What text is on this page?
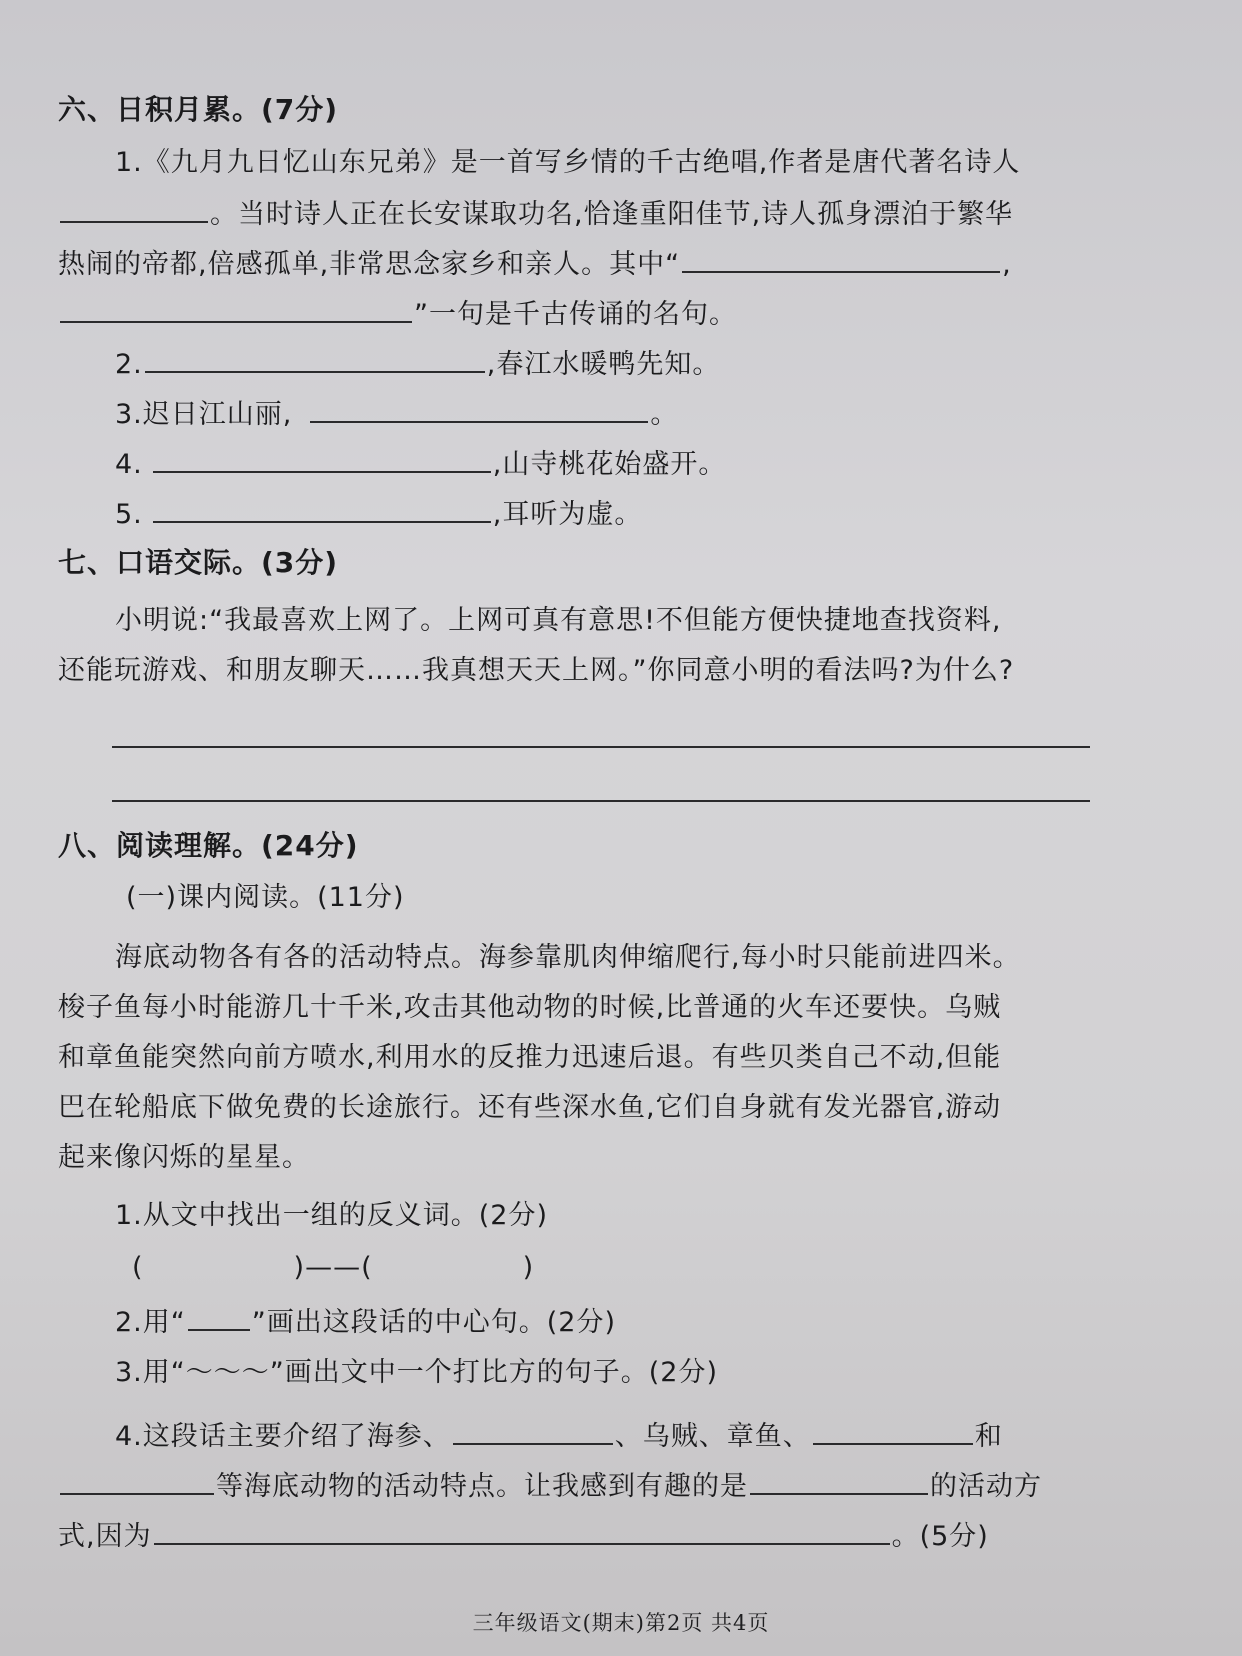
六、日积月累。(7分)
1.《九月九日忆山东兄弟》是一首写乡情的千古绝唱,作者是唐代著名诗人
。当时诗人正在长安谋取功名,恰逢重阳佳节,诗人孤身漂泊于繁华
热闹的帝都,倍感孤单,非常思念家乡和亲人。其中“	,
”一句是千古传诵的名句。
2.	,春江水暖鸭先知。
3.迟日江山丽,	。
4.	,山寺桃花始盛开。
5.	,耳听为虚。
七、口语交际。(3分)
小明说:“我最喜欢上网了。上网可真有意思!不但能方便快捷地查找资料,
还能玩游戏、和朋友聊天……我真想天天上网。”你同意小明的看法吗?为什么?
八、阅读理解。(24分)
(一)课内阅读。(11分)
海底动物各有各的活动特点。海参靠肌肉伸缩爬行,每小时只能前进四米。
梭子鱼每小时能游几十千米,攻击其他动物的时候,比普通的火车还要快。乌贼
和章鱼能突然向前方喷水,利用水的反推力迅速后退。有些贝类自己不动,但能
巴在轮船底下做免费的长途旅行。还有些深水鱼,它们自身就有发光器官,游动
起来像闪烁的星星。
1.从文中找出一组的反义词。(2分)
(	)——(	)
2.用“ ”画出这段话的中心句。(2分)
3.用“～～～”画出文中一个打比方的句子。(2分)
4.这段话主要介绍了海参、	、乌贼、章鱼、	和
等海底动物的活动特点。让我感到有趣的是	的活动方
式,因为	。(5分)
三年级语文(期末)第2页 共4页
